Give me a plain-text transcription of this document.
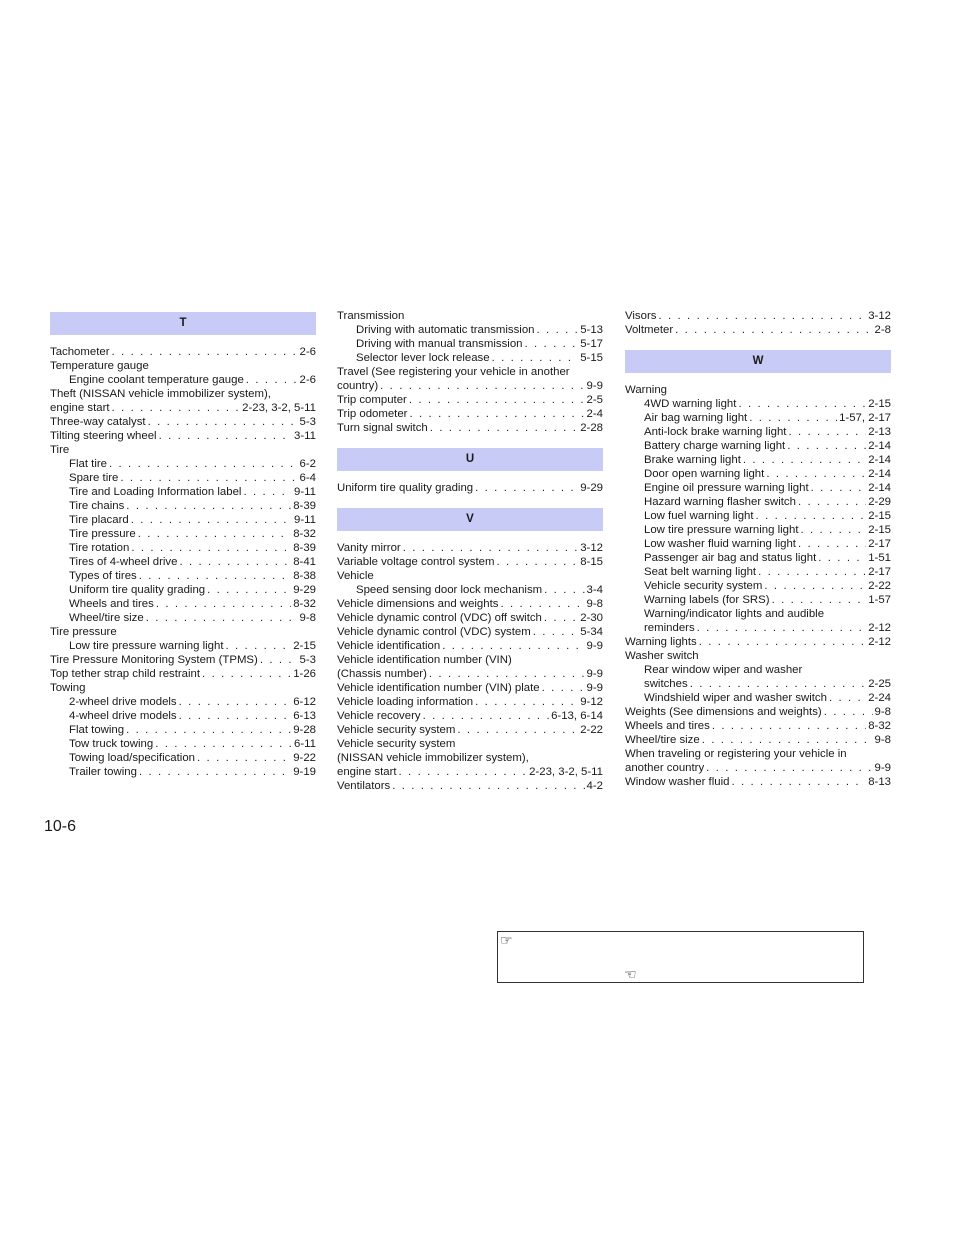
T
Tachometer . . .	2-6
Temperature gauge
Engine coolant temperature gauge . . .	2-6
Theft (NISSAN vehicle immobilizer system),
engine start . . .	2-23, 3-2, 5-11
Three-way catalyst . . .	5-3
Tilting steering wheel . . .	3-11
Tire
Flat tire . . .	6-2
Spare tire . . .	6-4
Tire and Loading Information label . . .	9-11
Tire chains . . .	8-39
Tire placard . . .	9-11
Tire pressure . . .	8-32
Tire rotation . . .	8-39
Tires of 4-wheel drive . . .	8-41
Types of tires . . .	8-38
Uniform tire quality grading . . .	9-29
Wheels and tires . . .	8-32
Wheel/tire size . . .	9-8
Tire pressure
Low tire pressure warning light . . .	2-15
Tire Pressure Monitoring System (TPMS) . . .	5-3
Top tether strap child restraint . . .	1-26
Towing
2-wheel drive models . . .	6-12
4-wheel drive models . . .	6-13
Flat towing . . .	9-28
Tow truck towing . . .	6-11
Towing load/specification . . .	9-22
Trailer towing . . .	9-19
Transmission
Driving with automatic transmission . . .	5-13
Driving with manual transmission . . .	5-17
Selector lever lock release . . .	5-15
Travel (See registering your vehicle in another
country) . . .	9-9
Trip computer . . .	2-5
Trip odometer . . .	2-4
Turn signal switch . . .	2-28
U
Uniform tire quality grading . . .	9-29
V
Vanity mirror . . .	3-12
Variable voltage control system . . .	8-15
Vehicle
Speed sensing door lock mechanism . . .	3-4
Vehicle dimensions and weights . . .	9-8
Vehicle dynamic control (VDC) off switch . . .	2-30
Vehicle dynamic control (VDC) system . . .	5-34
Vehicle identification . . .	9-9
Vehicle identification number (VIN)
(Chassis number) . . .	9-9
Vehicle identification number (VIN) plate . . .	9-9
Vehicle loading information . . .	9-12
Vehicle recovery . . .	6-13, 6-14
Vehicle security system . . .	2-22
Vehicle security system
(NISSAN vehicle immobilizer system),
engine start . . .	2-23, 3-2, 5-11
Ventilators . . .	4-2
Visors . . .	3-12
Voltmeter . . .	2-8
W
Warning
4WD warning light . . .	2-15
Air bag warning light . . .	1-57, 2-17
Anti-lock brake warning light . . .	2-13
Battery charge warning light . . .	2-14
Brake warning light . . .	2-14
Door open warning light . . .	2-14
Engine oil pressure warning light . . .	2-14
Hazard warning flasher switch . . .	2-29
Low fuel warning light . . .	2-15
Low tire pressure warning light . . .	2-15
Low washer fluid warning light . . .	2-17
Passenger air bag and status light . . .	1-51
Seat belt warning light . . .	2-17
Vehicle security system . . .	2-22
Warning labels (for SRS) . . .	1-57
Warning/indicator lights and audible
reminders . . .	2-12
Warning lights . . .	2-12
Washer switch
Rear window wiper and washer
switches . . .	2-25
Windshield wiper and washer switch . . .	2-24
Weights (See dimensions and weights) . . .	9-8
Wheels and tires . . .	8-32
Wheel/tire size . . .	9-8
When traveling or registering your vehicle in
another country . . .	9-9
Window washer fluid . . .	8-13
10-6
☞
☜
